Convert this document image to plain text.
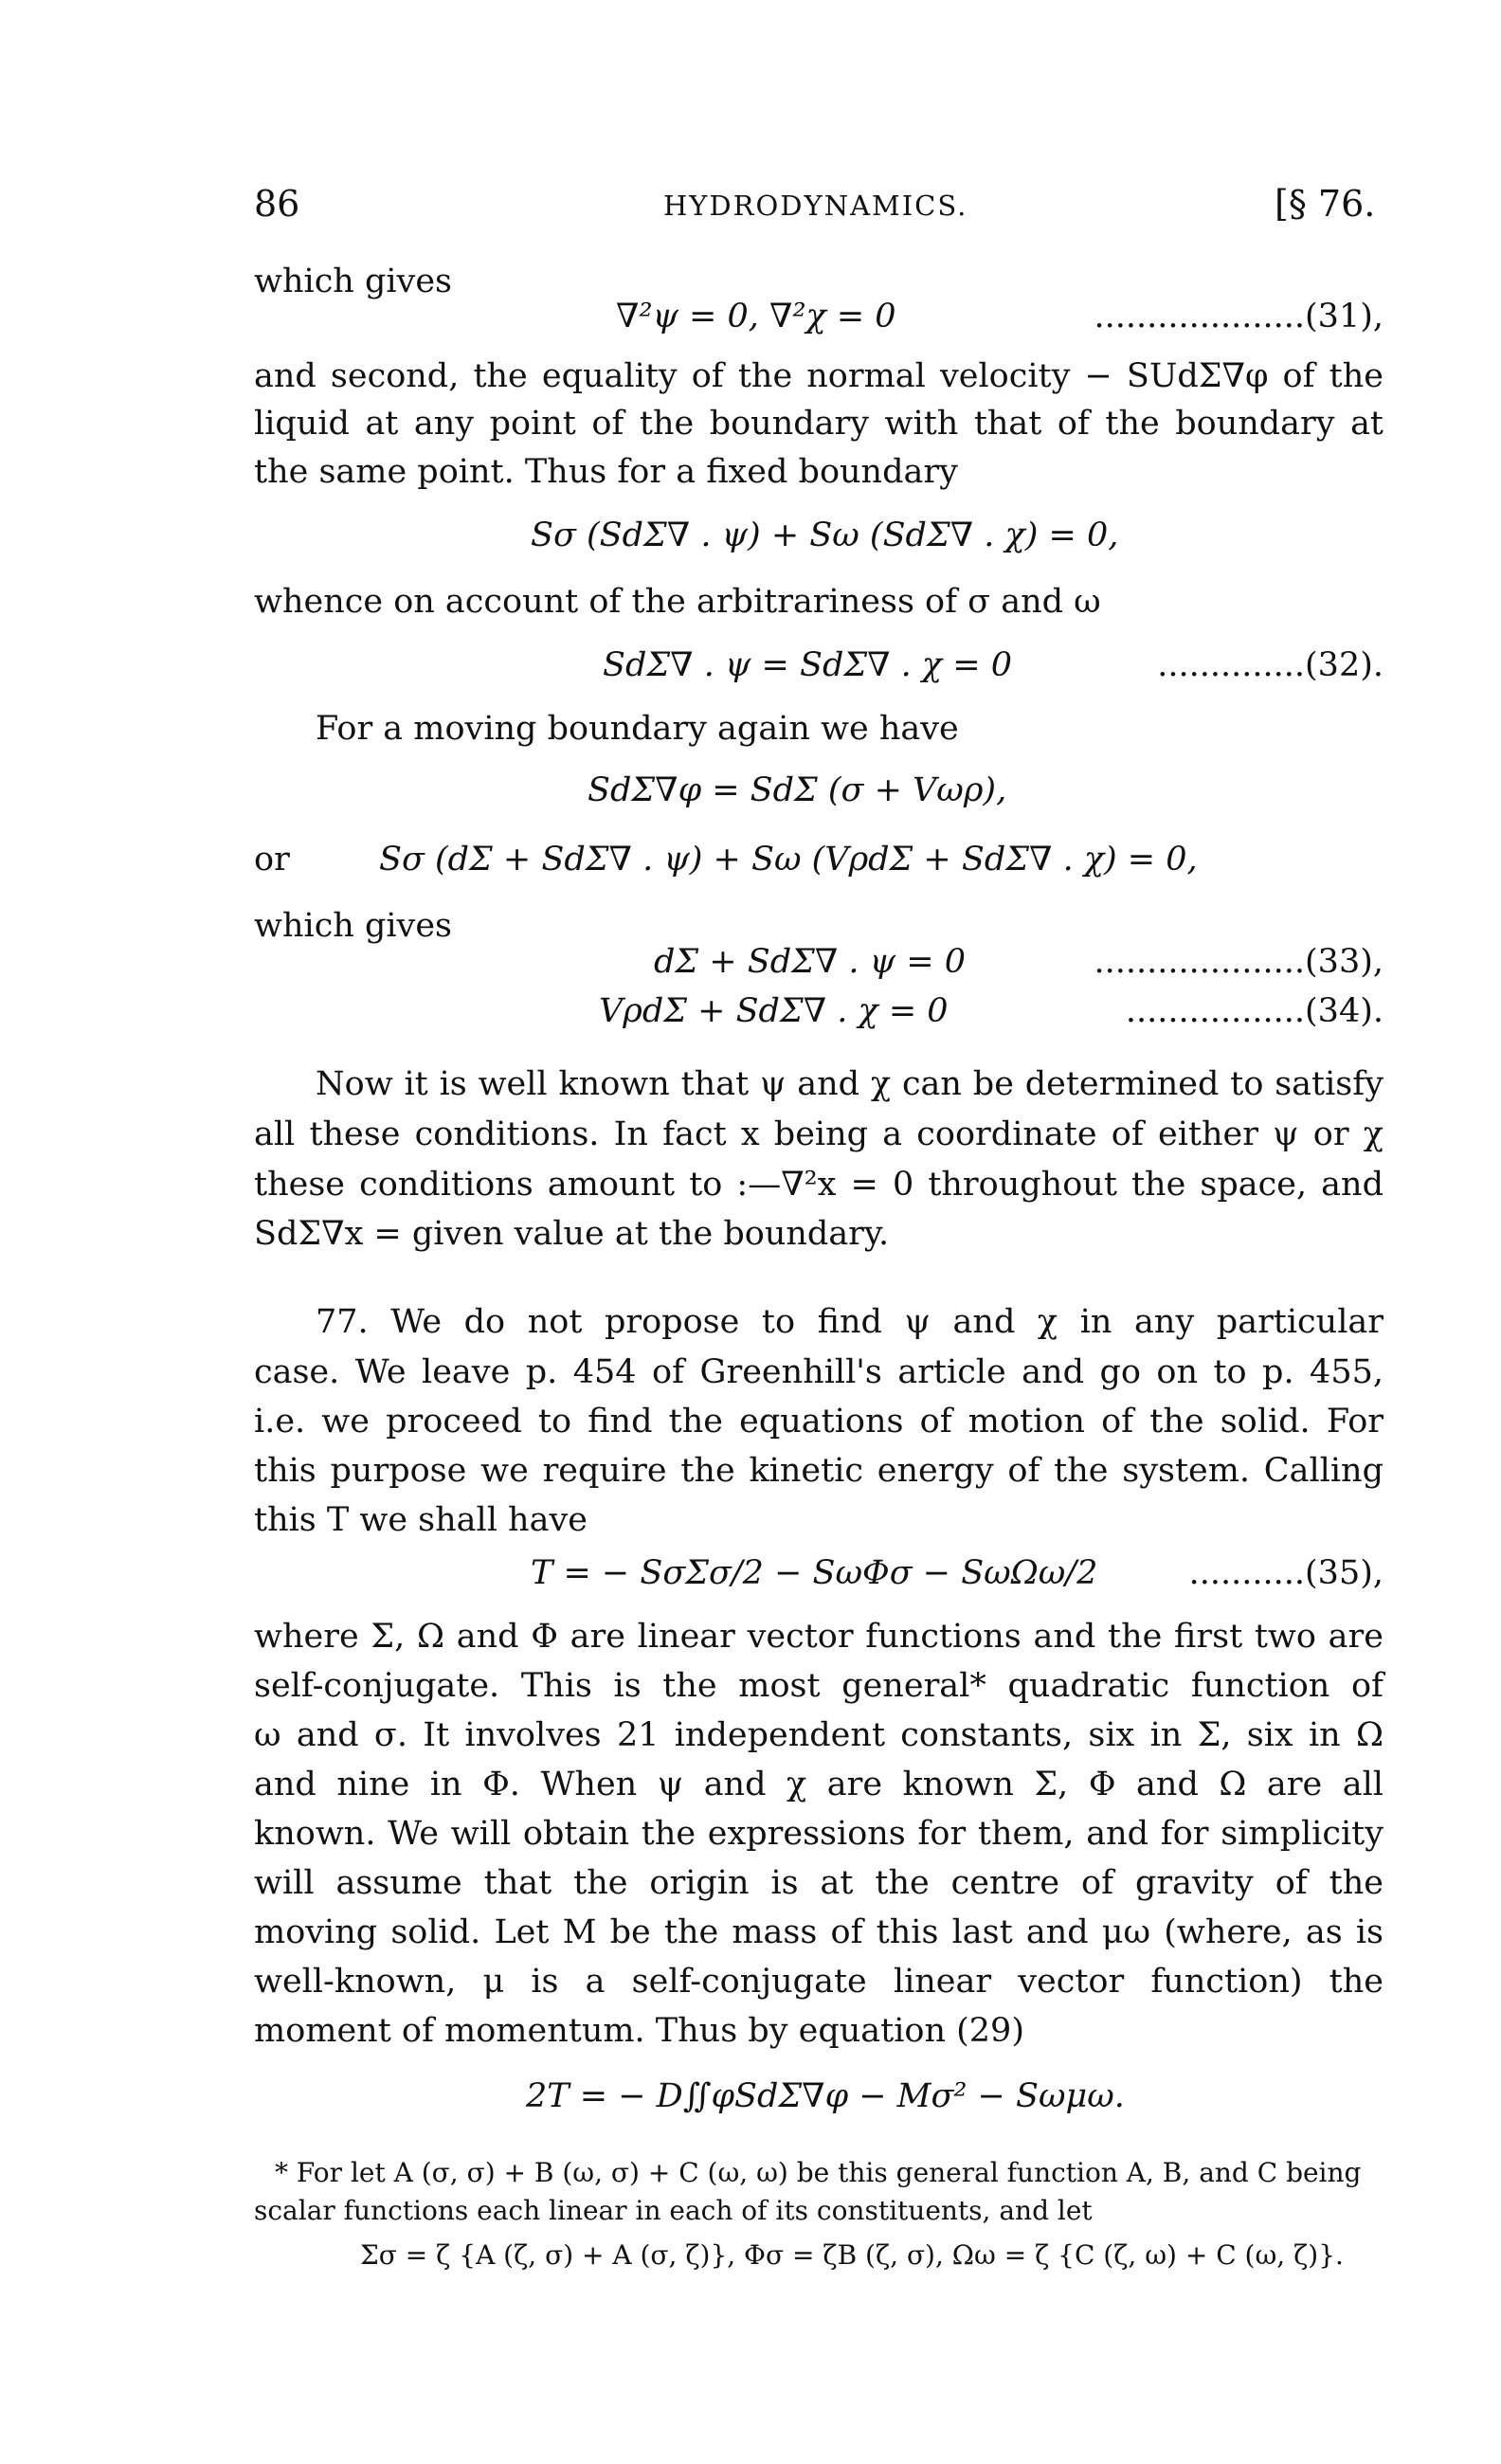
86	HYDRODYNAMICS.	[§ 76.
which gives
∇²ψ = 0, ∇²χ = 0	....................(31),
and second, the equality of the normal velocity − SUdΣ∇φ of the
liquid at any point of the boundary with that of the boundary at
the same point. Thus for a fixed boundary
Sσ (SdΣ∇ . ψ) + Sω (SdΣ∇ . χ) = 0,
whence on account of the arbitrariness of σ and ω
SdΣ∇ . ψ = SdΣ∇ . χ = 0	..............(32).
For a moving boundary again we have
SdΣ∇φ = SdΣ (σ + Vωρ),
or	Sσ (dΣ + SdΣ∇ . ψ) + Sω (VρdΣ + SdΣ∇ . χ) = 0,
which gives
dΣ + SdΣ∇ . ψ = 0	....................(33),
VρdΣ + SdΣ∇ . χ = 0	.................(34).
Now it is well known that ψ and χ can be determined to satisfy
all these conditions. In fact x being a coordinate of either ψ or χ
these conditions amount to :—∇²x = 0 throughout the space, and
SdΣ∇x = given value at the boundary.
77. We do not propose to find ψ and χ in any particular
case. We leave p. 454 of Greenhill's article and go on to p. 455,
i.e. we proceed to find the equations of motion of the solid. For
this purpose we require the kinetic energy of the system. Calling
this T we shall have
T = − SσΣσ/2 − SωΦσ − SωΩω/2	...........(35),
where Σ, Ω and Φ are linear vector functions and the first two are
self-conjugate. This is the most general* quadratic function of
ω and σ. It involves 21 independent constants, six in Σ, six in Ω
and nine in Φ. When ψ and χ are known Σ, Φ and Ω are all
known. We will obtain the expressions for them, and for simplicity
will assume that the origin is at the centre of gravity of the
moving solid. Let M be the mass of this last and μω (where, as is
well-known, μ is a self-conjugate linear vector function) the
moment of momentum. Thus by equation (29)
2T = − D∬φSdΣ∇φ − Mσ² − Sωμω.
* For let A (σ, σ) + B (ω, σ) + C (ω, ω) be this general function A, B, and C being
scalar functions each linear in each of its constituents, and let
Σσ = ζ {A (ζ, σ) + A (σ, ζ)}, Φσ = ζB (ζ, σ), Ωω = ζ {C (ζ, ω) + C (ω, ζ)}.
